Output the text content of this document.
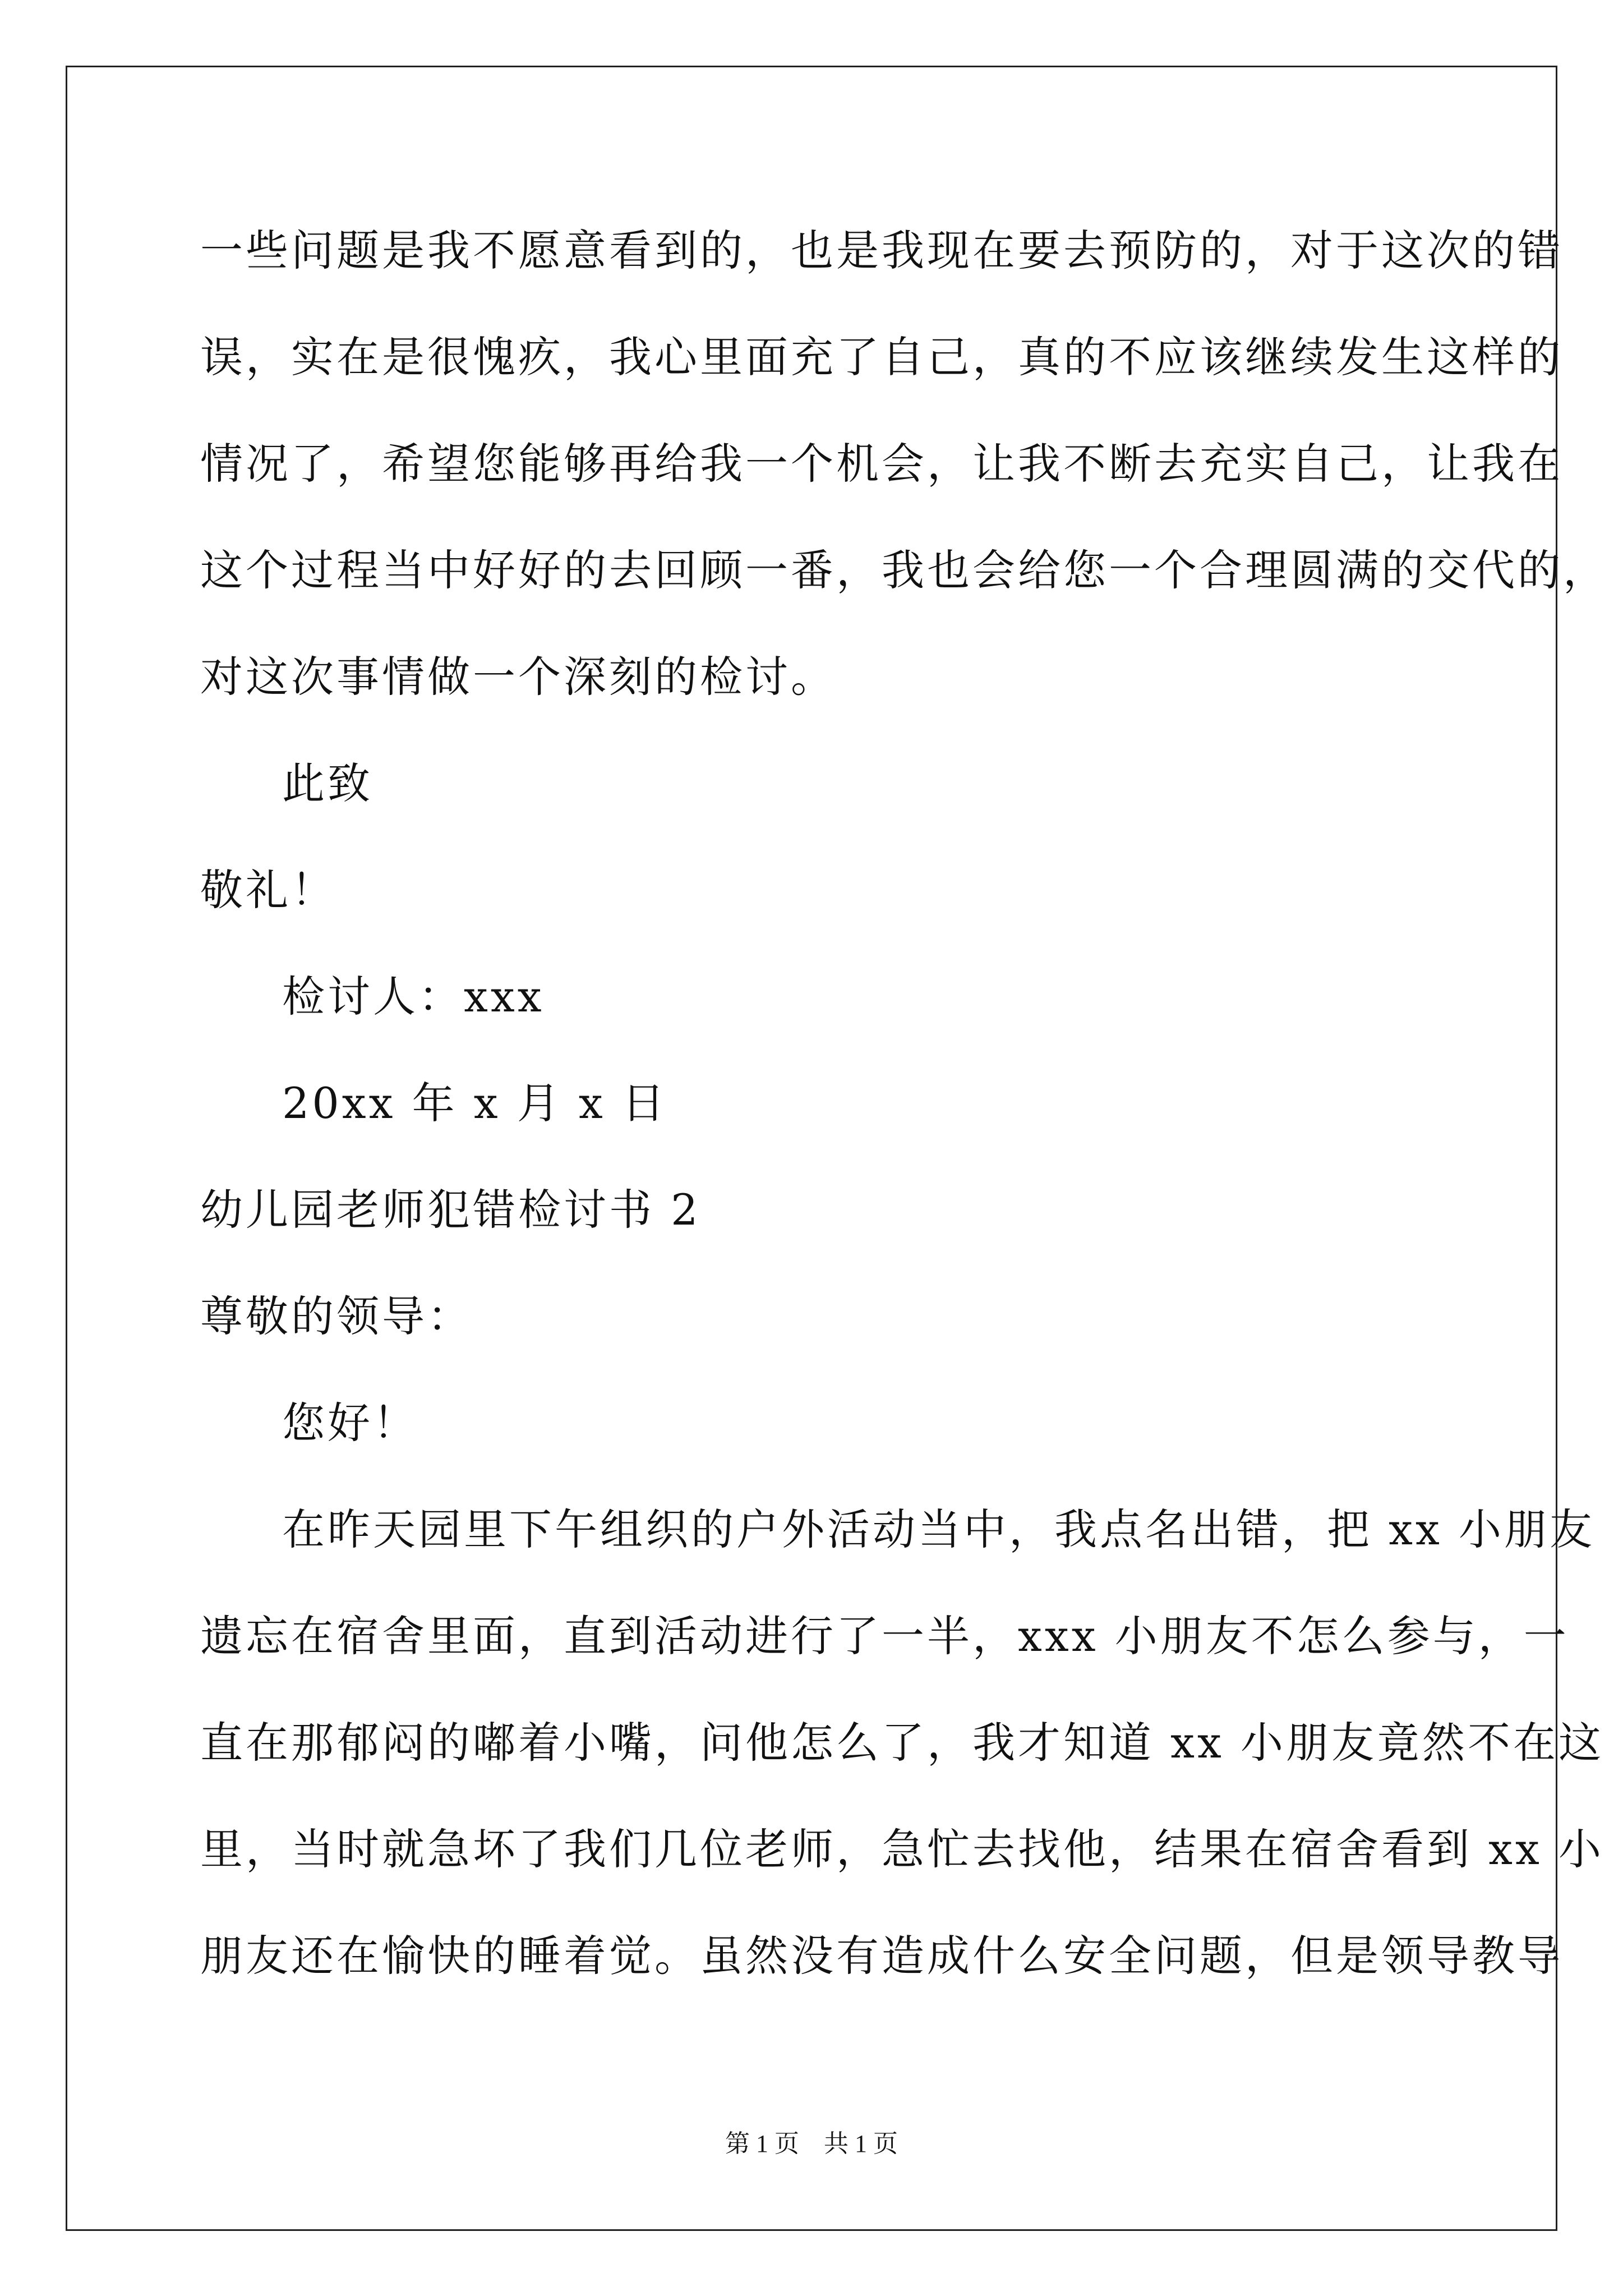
一些问题是我不愿意看到的，也是我现在要去预防的，对于这次的错
误，实在是很愧疚，我心里面充了自己，真的不应该继续发生这样的
情况了，希望您能够再给我一个机会，让我不断去充实自己，让我在
这个过程当中好好的去回顾一番，我也会给您一个合理圆满的交代的，
对这次事情做一个深刻的检讨。
此致
敬礼！
检讨人：xxx
20xx 年 x 月 x 日
幼儿园老师犯错检讨书 2
尊敬的领导：
您好！
在昨天园里下午组织的户外活动当中，我点名出错，把 xx 小朋友
遗忘在宿舍里面，直到活动进行了一半，xxx 小朋友不怎么参与，一
直在那郁闷的嘟着小嘴，问他怎么了，我才知道 xx 小朋友竟然不在这
里，当时就急坏了我们几位老师，急忙去找他，结果在宿舍看到 xx 小
朋友还在愉快的睡着觉。虽然没有造成什么安全问题，但是领导教导
第 1 页　共 1 页
